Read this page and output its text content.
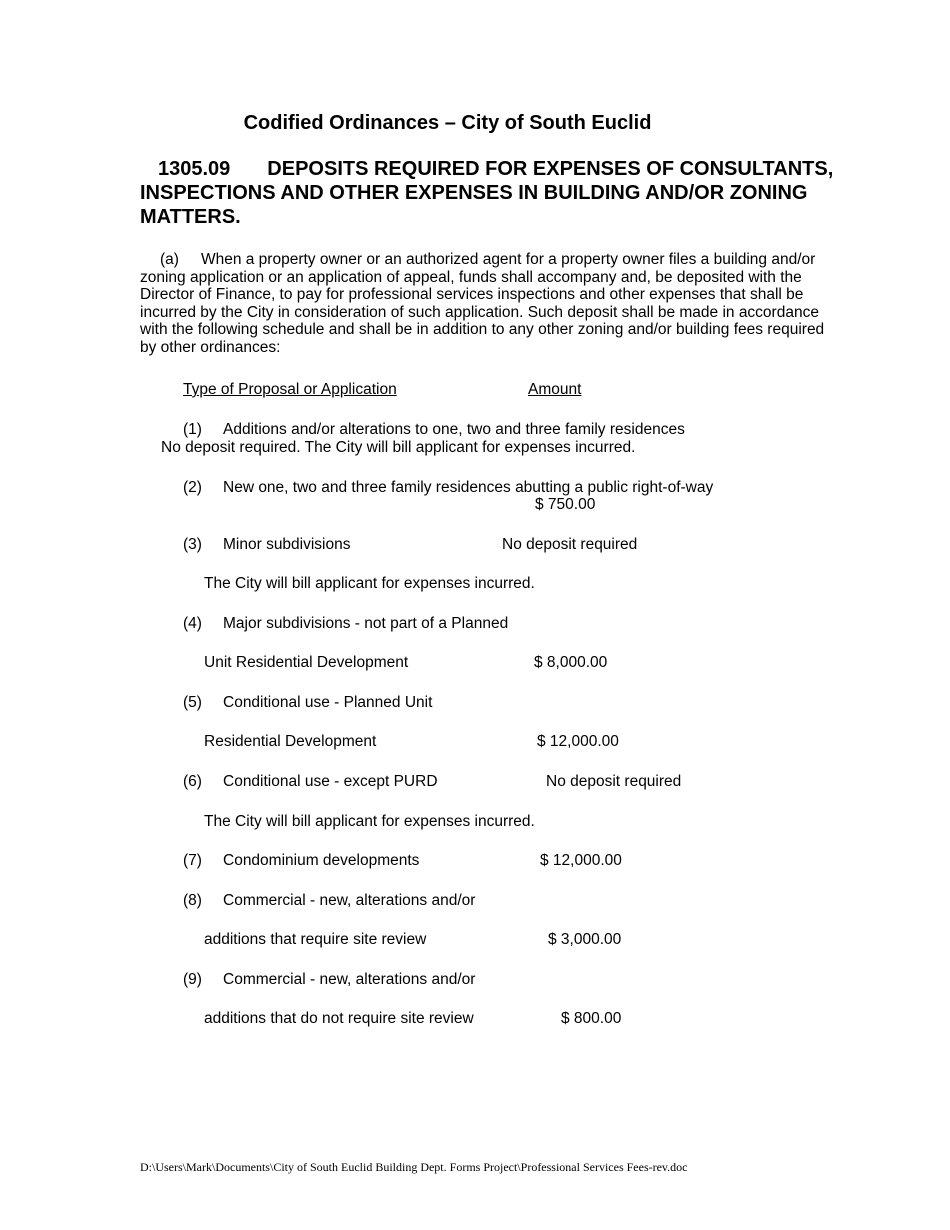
Codified Ordinances – City of South Euclid
1305.09 DEPOSITS REQUIRED FOR EXPENSES OF CONSULTANTS, INSPECTIONS AND OTHER EXPENSES IN BUILDING AND/OR ZONING MATTERS.
(a) When a property owner or an authorized agent for a property owner files a building and/or zoning application or an application of appeal, funds shall accompany and, be deposited with the Director of Finance, to pay for professional services inspections and other expenses that shall be incurred by the City in consideration of such application. Such deposit shall be made in accordance with the following schedule and shall be in addition to any other zoning and/or building fees required by other ordinances:
Type of Proposal or Application	Amount
(1) Additions and/or alterations to one, two and three family residences
No deposit required. The City will bill applicant for expenses incurred.
(2) New one, two and three family residences abutting a public right-of-way
$ 750.00
(3) Minor subdivisions	No deposit required
The City will bill applicant for expenses incurred.
(4) Major subdivisions - not part of a Planned
Unit Residential Development	$ 8,000.00
(5) Conditional use - Planned Unit
Residential Development	$ 12,000.00
(6) Conditional use - except PURD	No deposit required
The City will bill applicant for expenses incurred.
(7) Condominium developments	$ 12,000.00
(8) Commercial - new, alterations and/or
additions that require site review	$ 3,000.00
(9) Commercial - new, alterations and/or
additions that do not require site review	$ 800.00
D:\Users\Mark\Documents\City of South Euclid Building Dept. Forms Project\Professional Services Fees-rev.doc
